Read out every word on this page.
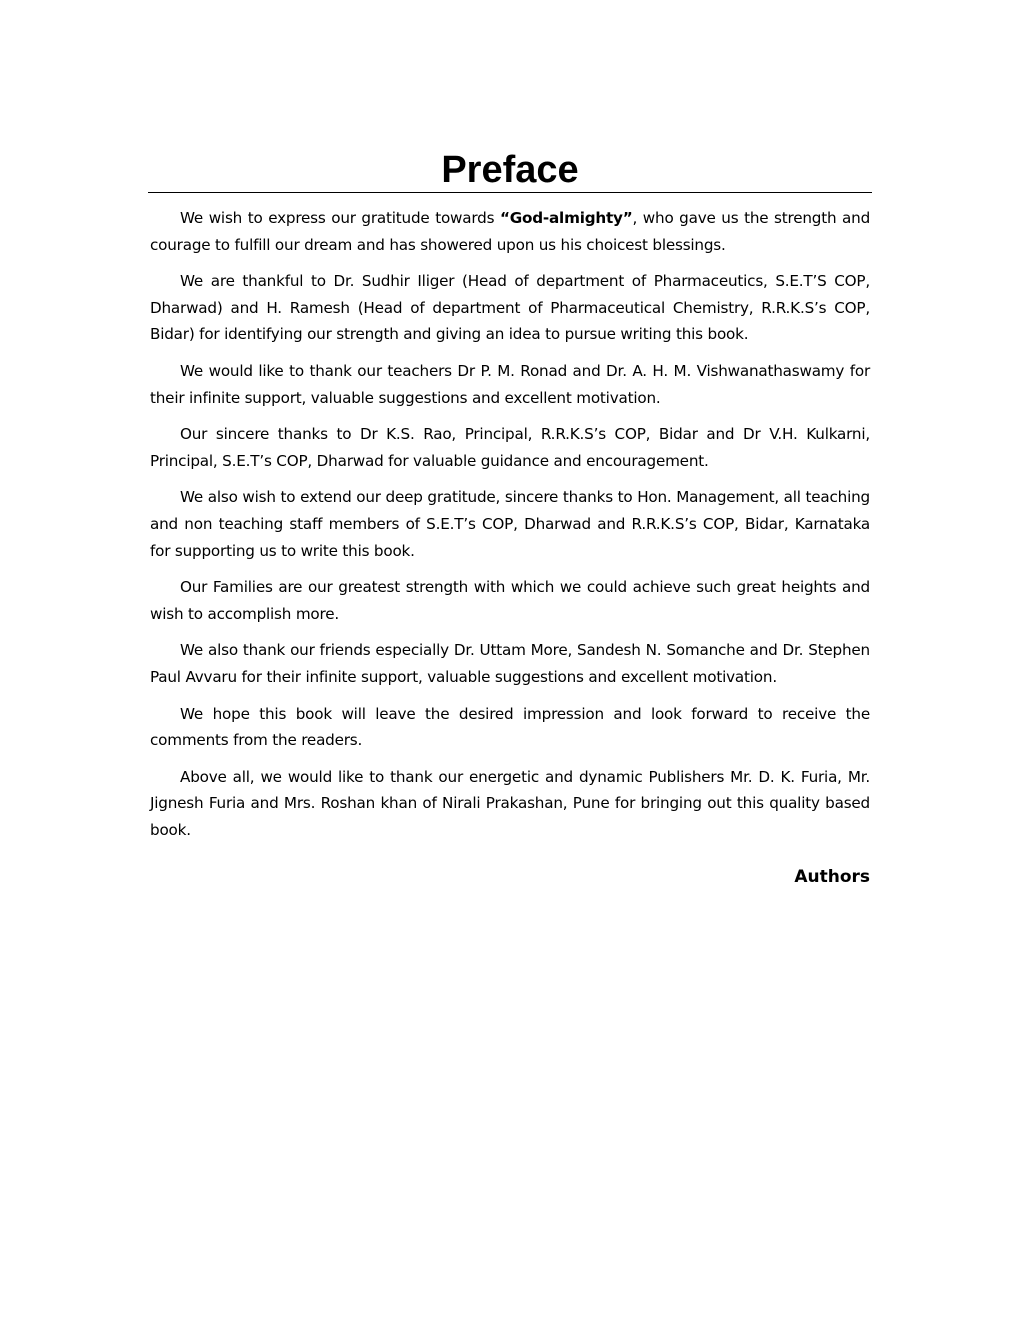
Preface

We wish to express our gratitude towards “God-almighty”, who gave us the strength and courage to fulfill our dream and has showered upon us his choicest blessings.

We are thankful to Dr. Sudhir Iliger (Head of department of Pharmaceutics, S.E.T’S COP, Dharwad) and H. Ramesh (Head of department of Pharmaceutical Chemistry, R.R.K.S’s COP, Bidar) for identifying our strength and giving an idea to pursue writing this book.

We would like to thank our teachers Dr P. M. Ronad and Dr. A. H. M. Vishwanathaswamy for their infinite support, valuable suggestions and excellent motivation.

Our sincere thanks to Dr K.S. Rao, Principal, R.R.K.S’s COP, Bidar and Dr V.H. Kulkarni, Principal, S.E.T’s COP, Dharwad for valuable guidance and encouragement.

We also wish to extend our deep gratitude, sincere thanks to Hon. Management, all teaching and non teaching staff members of S.E.T’s COP, Dharwad and R.R.K.S’s COP, Bidar, Karnataka for supporting us to write this book.

Our Families are our greatest strength with which we could achieve such great heights and wish to accomplish more.

We also thank our friends especially Dr. Uttam More, Sandesh N. Somanche and Dr. Stephen Paul Avvaru for their infinite support, valuable suggestions and excellent motivation.

We hope this book will leave the desired impression and look forward to receive the comments from the readers.

Above all, we would like to thank our energetic and dynamic Publishers Mr. D. K. Furia, Mr. Jignesh Furia and Mrs. Roshan khan of Nirali Prakashan, Pune for bringing out this quality based book.

Authors
